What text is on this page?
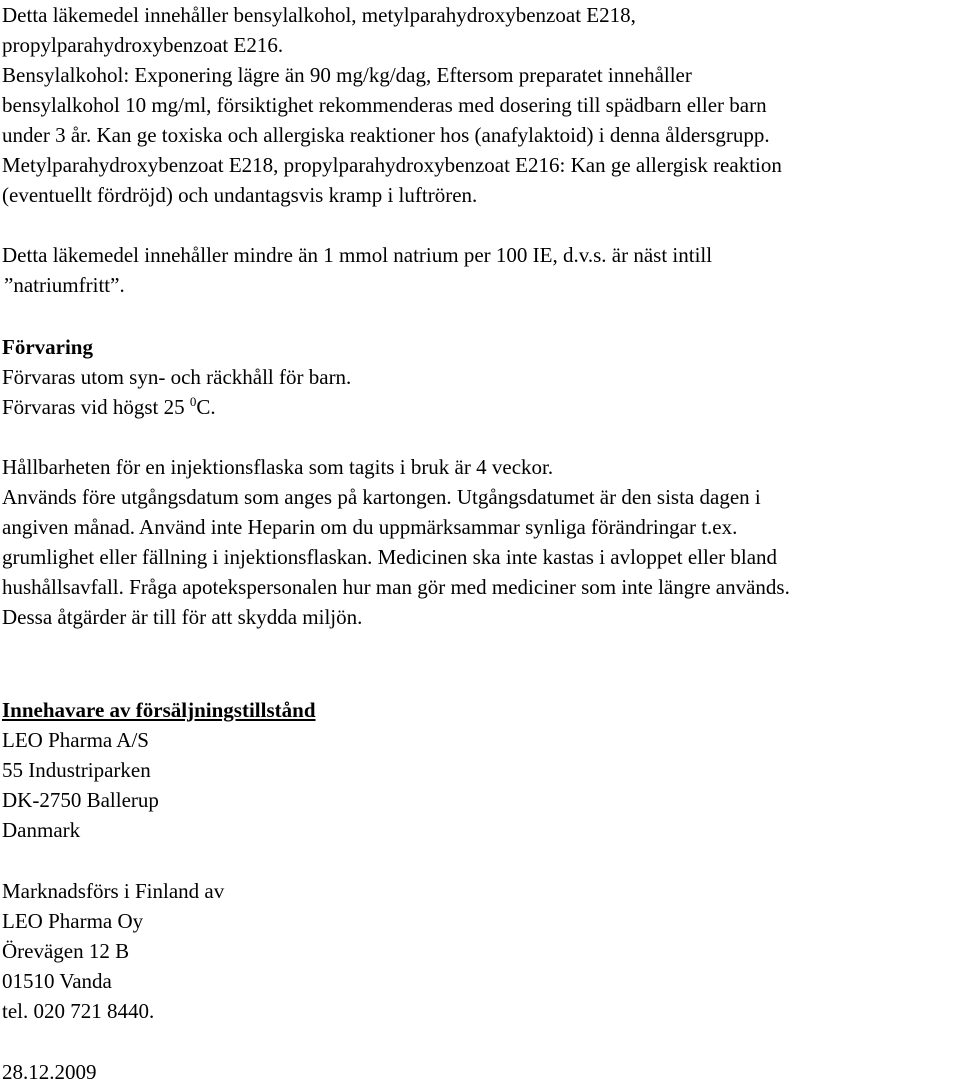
Detta läkemedel innehåller bensylalkohol, metylparahydroxybenzoat E218,
propylparahydroxybenzoat E216.
Bensylalkohol: Exponering lägre än 90 mg/kg/dag, Eftersom preparatet innehåller
bensylalkohol 10 mg/ml, försiktighet rekommenderas med dosering till spädbarn eller barn
under 3 år. Kan ge toxiska och allergiska reaktioner hos (anafylaktoid) i denna åldersgrupp.
Metylparahydroxybenzoat E218, propylparahydroxybenzoat E216: Kan ge allergisk reaktion
(eventuellt fördröjd) och undantagsvis kramp i luftrören.
Detta läkemedel innehåller mindre än 1 mmol natrium per 100 IE, d.v.s. är näst intill
”natriumfritt”.
Förvaring
Förvaras utom syn- och räckhåll för barn.
Förvaras vid högst 25 $^0$C.
Hållbarheten för en injektionsflaska som tagits i bruk är 4 veckor.
Används före utgångsdatum som anges på kartongen. Utgångsdatumet är den sista dagen i
angiven månad. Använd inte Heparin om du uppmärksammar synliga förändringar t.ex.
grumlighet eller fällning i injektionsflaskan. Medicinen ska inte kastas i avloppet eller bland
hushållsavfall. Fråga apotekspersonalen hur man gör med mediciner som inte längre används.
Dessa åtgärder är till för att skydda miljön.
Innehavare av försäljningstillstånd
LEO Pharma A/S
55 Industriparken
DK-2750 Ballerup
Danmark
Marknadsförs i Finland av
LEO Pharma Oy
Örevägen 12 B
01510 Vanda
tel. 020 721 8440.
28.12.2009
